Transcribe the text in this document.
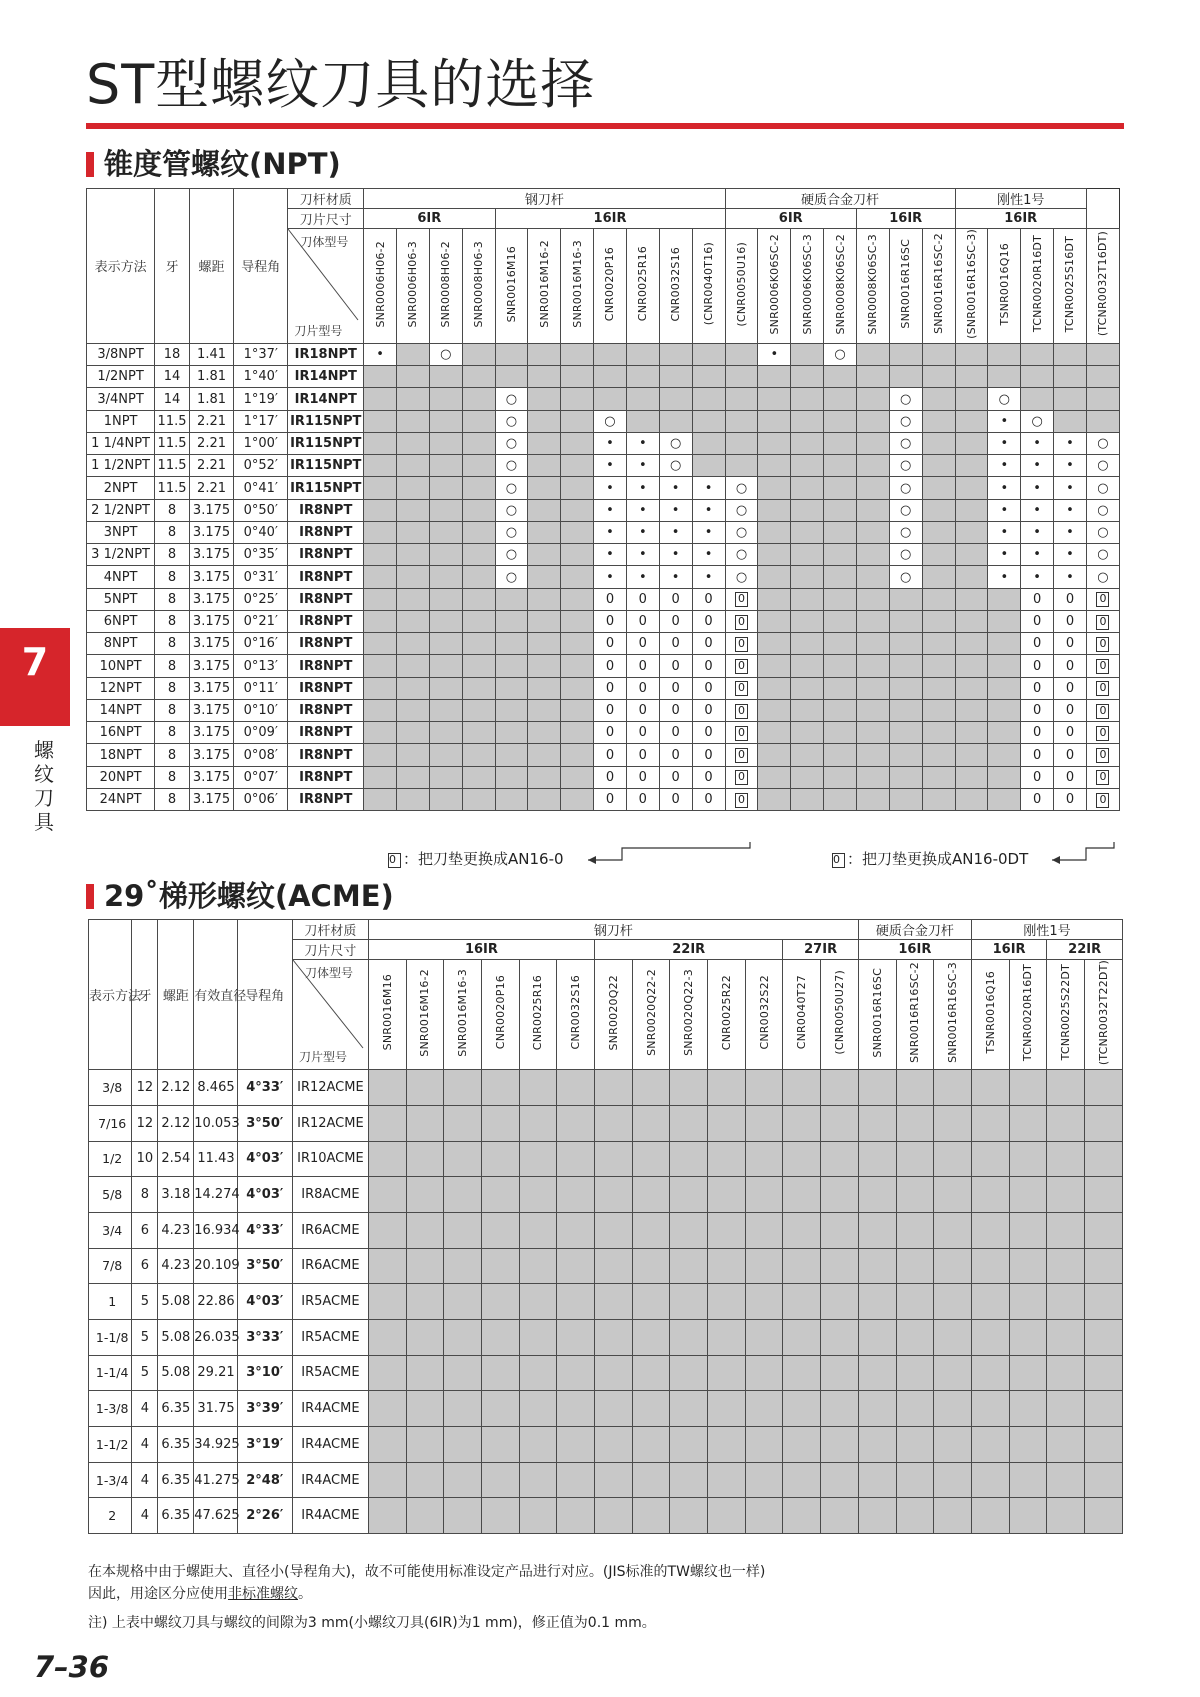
ST型螺纹刀具的选择
锥度管螺纹(NPT)
表示方法	牙	螺距	导程角	刀杆材质	钢刀杆											硬质合金刀杆							刚性1号				
				刀片尺寸	6IR				16IR							6IR				16IR			16IR				

				刀体型号
刀片型号	SNR0006H06-2	SNR0006H06-3	SNR0008H06-2	SNR0008H06-3	SNR0016M16	SNR0016M16-2	SNR0016M16-3	CNR0020P16	CNR0025R16	CNR0032S16	(CNR0040T16)	(CNR0050U16)	SNR0006K06SC-2	SNR0006K06SC-3	SNR0008K06SC-2	SNR0008K06SC-3	SNR0016R16SC	SNR0016R16SC-2	(SNR0016R16SC-3)	TSNR0016Q16	TCNR0020R16DT	TCNR0025S16DT	(TCNR0032T16DT)
3/8NPT	18	1.41	1°37′	IR18NPT	•		○										•		○								
1/2NPT	14	1.81	1°40′	IR14NPT																							
3/4NPT	14	1.81	1°19′	IR14NPT					○												○			○			
1NPT	11.5	2.21	1°17′	IR115NPT					○			○									○			•	○		
1 1/4NPT	11.5	2.21	1°00′	IR115NPT					○			•	•	○							○			•	•	•	○
1 1/2NPT	11.5	2.21	0°52′	IR115NPT					○			•	•	○							○			•	•	•	○
2NPT	11.5	2.21	0°41′	IR115NPT					○			•	•	•	•	○					○			•	•	•	○
2 1/2NPT	8	3.175	0°50′	IR8NPT					○			•	•	•	•	○					○			•	•	•	○
3NPT	8	3.175	0°40′	IR8NPT					○			•	•	•	•	○					○			•	•	•	○
3 1/2NPT	8	3.175	0°35′	IR8NPT					○			•	•	•	•	○					○			•	•	•	○
4NPT	8	3.175	0°31′	IR8NPT					○			•	•	•	•	○					○			•	•	•	○
5NPT	8	3.175	0°25′	IR8NPT								0	0	0	0	0									0	0	0
6NPT	8	3.175	0°21′	IR8NPT								0	0	0	0	0									0	0	0
8NPT	8	3.175	0°16′	IR8NPT								0	0	0	0	0									0	0	0
10NPT	8	3.175	0°13′	IR8NPT								0	0	0	0	0									0	0	0
12NPT	8	3.175	0°11′	IR8NPT								0	0	0	0	0									0	0	0
14NPT	8	3.175	0°10′	IR8NPT								0	0	0	0	0									0	0	0
16NPT	8	3.175	0°09′	IR8NPT								0	0	0	0	0									0	0	0
18NPT	8	3.175	0°08′	IR8NPT								0	0	0	0	0									0	0	0
20NPT	8	3.175	0°07′	IR8NPT								0	0	0	0	0									0	0	0
24NPT	8	3.175	0°06′	IR8NPT								0	0	0	0	0									0	0	0
0 ：把刀垫更换成AN16-0	0 ：把刀垫更换成AN16-0DT
29˚梯形螺纹(ACME)
表示方法	牙	螺距	有效直径	导程角	刀杆材质	钢刀杆													硬质合金刀杆			刚性1号			
					刀片尺寸	16IR						22IR					27IR		16IR			16IR		22IR	

					刀体型号
刀片型号	SNR0016M16	SNR0016M16-2	SNR0016M16-3	CNR0020P16	CNR0025R16	CNR0032S16	SNR0020Q22	SNR0020Q22-2	SNR0020Q22-3	CNR0025R22	CNR0032S22	CNR0040T27	(CNR0050U27)	SNR0016R16SC	SNR0016R16SC-2	SNR0016R16SC-3	TSNR0016Q16	TCNR0020R16DT	TCNR0025S22DT	(TCNR0032T22DT)
3/8	12	2.12	8.465	4°33′	IR12ACME																				
7/16	12	2.12	10.053	3°50′	IR12ACME																				
1/2	10	2.54	11.43	4°03′	IR10ACME																				
5/8	8	3.18	14.274	4°03′	IR8ACME																				
3/4	6	4.23	16.934	4°33′	IR6ACME																				
7/8	6	4.23	20.109	3°50′	IR6ACME																				
1	5	5.08	22.86	4°03′	IR5ACME																				
1-1/8	5	5.08	26.035	3°33′	IR5ACME																				
1-1/4	5	5.08	29.21	3°10′	IR5ACME																				
1-3/8	4	6.35	31.75	3°39′	IR4ACME																				
1-1/2	4	6.35	34.925	3°19′	IR4ACME																				
1-3/4	4	6.35	41.275	2°48′	IR4ACME																				
2	4	6.35	47.625	2°26′	IR4ACME																				
在本规格中由于螺距大、直径小(导程角大)，故不可能使用标准设定产品进行对应。(JIS标准的TW螺纹也一样)
因此，用途区分应使用非标准螺纹。
注) 上表中螺纹刀具与螺纹的间隙为3 mm(小螺纹刀具(6IR)为1 mm)，修正值为0.1 mm。
7
螺纹刀具
7–36
